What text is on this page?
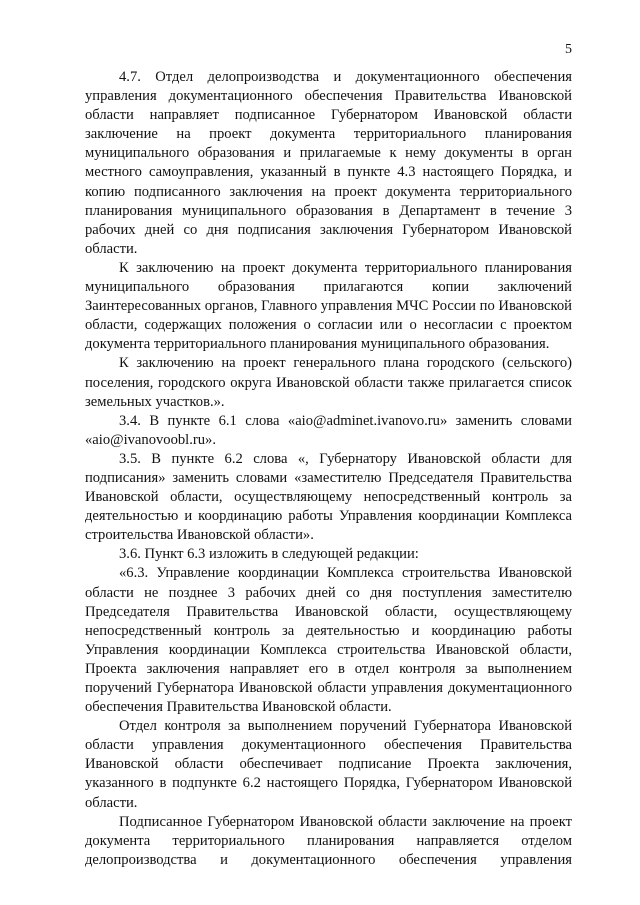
5

4.7. Отдел делопроизводства и документационного обеспечения управления документационного обеспечения Правительства Ивановской области направляет подписанное Губернатором Ивановской области заключение на проект документа территориального планирования муниципального образования и прилагаемые к нему документы в орган местного самоуправления, указанный в пункте 4.3 настоящего Порядка, и копию подписанного заключения на проект документа территориального планирования муниципального образования в Департамент в течение 3 рабочих дней со дня подписания заключения Губернатором Ивановской области.

К заключению на проект документа территориального планирования муниципального образования прилагаются копии заключений Заинтересованных органов, Главного управления МЧС России по Ивановской области, содержащих положения о согласии или о несогласии с проектом документа территориального планирования муниципального образования.

К заключению на проект генерального плана городского (сельского) поселения, городского округа Ивановской области также прилагается список земельных участков.».

3.4. В пункте 6.1 слова «aio@adminet.ivanovo.ru» заменить словами «aio@ivanovoobl.ru».

3.5. В пункте 6.2 слова «, Губернатору Ивановской области для подписания» заменить словами «заместителю Председателя Правительства Ивановской области, осуществляющему непосредственный контроль за деятельностью и координацию работы Управления координации Комплекса строительства Ивановской области».

3.6. Пункт 6.3 изложить в следующей редакции:

«6.3. Управление координации Комплекса строительства Ивановской области не позднее 3 рабочих дней со дня поступления заместителю Председателя Правительства Ивановской области, осуществляющему непосредственный контроль за деятельностью и координацию работы Управления координации Комплекса строительства Ивановской области, Проекта заключения направляет его в отдел контроля за выполнением поручений Губернатора Ивановской области управления документационного обеспечения Правительства Ивановской области.

Отдел контроля за выполнением поручений Губернатора Ивановской области управления документационного обеспечения Правительства Ивановской области обеспечивает подписание Проекта заключения, указанного в подпункте 6.2 настоящего Порядка, Губернатором Ивановской области.

Подписанное Губернатором Ивановской области заключение на проект документа территориального планирования направляется отделом делопроизводства и документационного обеспечения управления
